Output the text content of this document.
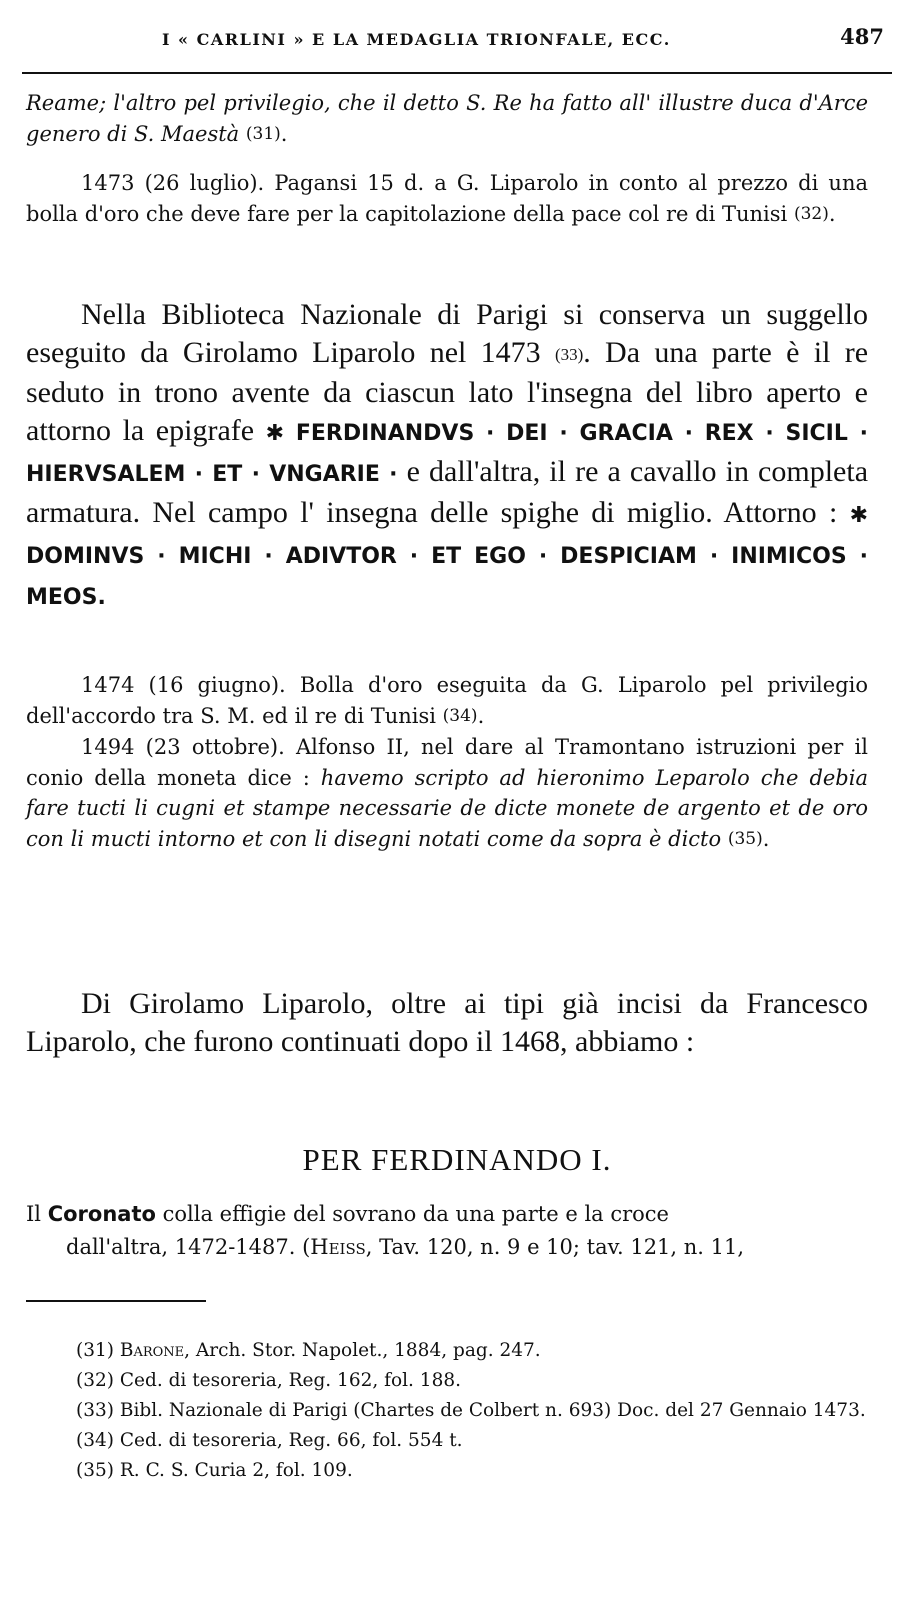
I « CARLINI » E LA MEDAGLIA TRIONFALE, ECC.	487

Reame; l'altro pel privilegio, che il detto S. Re ha fatto all' illustre duca d'Arce genero di S. Maestà (31).

1473 (26 luglio). Pagansi 15 d. a G. Liparolo in conto al prezzo di una bolla d'oro che deve fare per la capitolazione della pace col re di Tunisi (32).

Nella Biblioteca Nazionale di Parigi si conserva un suggello eseguito da Girolamo Liparolo nel 1473 (33). Da una parte è il re seduto in trono avente da ciascun lato l'insegna del libro aperto e attorno la epigrafe ✱ FERDINANDVS · DEI · GRACIA · REX · SICIL · HIERVSALEM · ET · VNGARIE · e dall'altra, il re a cavallo in completa armatura. Nel campo l' insegna delle spighe di miglio. Attorno : ✱ DOMINVS · MICHI · ADIVTOR · ET EGO · DESPICIAM · INIMICOS · MEOS.

1474 (16 giugno). Bolla d'oro eseguita da G. Liparolo pel privilegio dell'accordo tra S. M. ed il re di Tunisi (34).

1494 (23 ottobre). Alfonso II, nel dare al Tramontano istruzioni per il conio della moneta dice : havemo scripto ad hieronimo Leparolo che debia fare tucti li cugni et stampe necessarie de dicte monete de argento et de oro con li mucti intorno et con li disegni notati come da sopra è dicto (35).

Di Girolamo Liparolo, oltre ai tipi già incisi da Francesco Liparolo, che furono continuati dopo il 1468, abbiamo :

PER FERDINANDO I.
Il Coronato colla effigie del sovrano da una parte e la croce
dall'altra, 1472-1487. (Heiss, Tav. 120, n. 9 e 10; tav. 121, n. 11,

(31) Barone, Arch. Stor. Napolet., 1884, pag. 247.

(32) Ced. di tesoreria, Reg. 162, fol. 188.

(33) Bibl. Nazionale di Parigi (Chartes de Colbert n. 693) Doc. del 27 Gennaio 1473.

(34) Ced. di tesoreria, Reg. 66, fol. 554 t.

(35) R. C. S. Curia 2, fol. 109.
